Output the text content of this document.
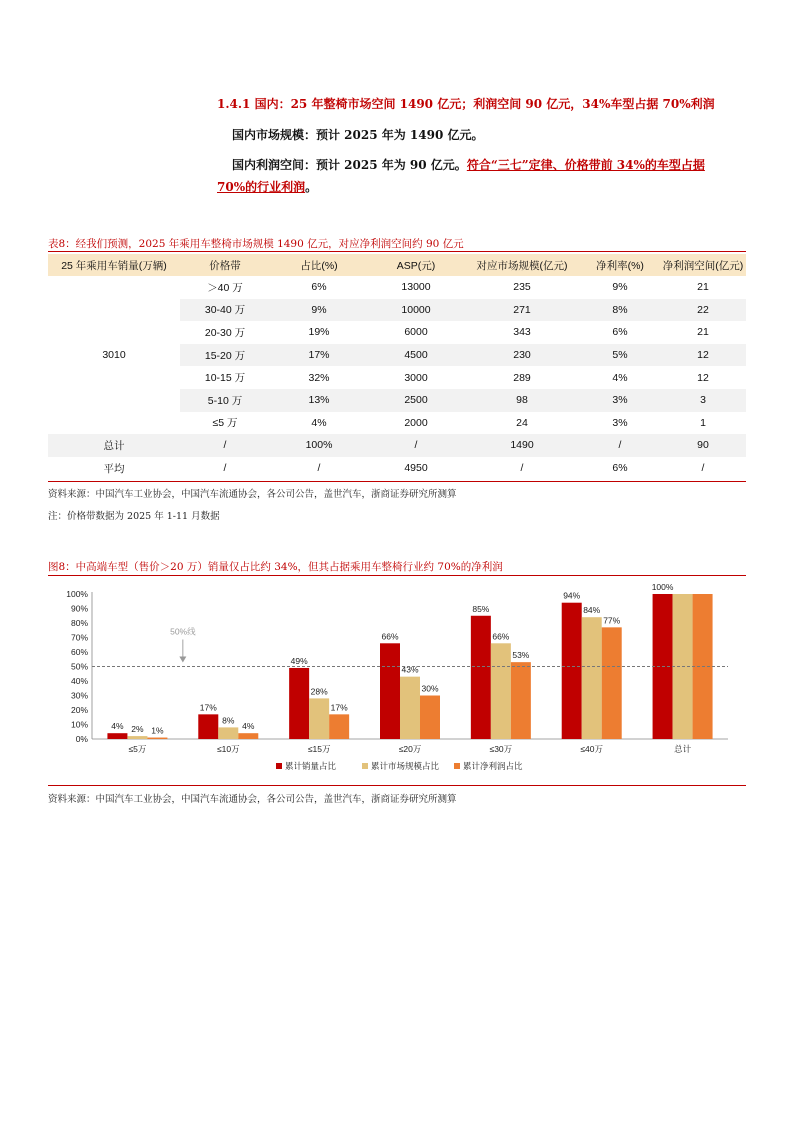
1.4.1 国内：25 年整椅市场空间 1490 亿元；利润空间 90 亿元，34%车型占据 70%利润
国内市场规模：预计 2025 年为 1490 亿元。
国内利润空间：预计 2025 年为 90 亿元。符合“三七”定律、价格带前 34%的车型占据
70%的行业利润。
表8：经我们预测，2025 年乘用车整椅市场规模 1490 亿元，对应净利润空间约 90 亿元
25 年乘用车销量(万辆)	价格带	占比(%)	ASP(元)	对应市场规模(亿元)	净利率(%)	净利润空间(亿元)
3010	＞40 万	6%	13000	235	9%	21
	30-40 万	9%	10000	271	8%	22
	20-30 万	19%	6000	343	6%	21
	15-20 万	17%	4500	230	5%	12
	10-15 万	32%	3000	289	4%	12
	5-10 万	13%	2500	98	3%	3
	≤5 万	4%	2000	24	3%	1
总计	/	100%	/	1490	/	90
平均	/	/	4950	/	6%	/
资料来源：中国汽车工业协会，中国汽车流通协会，各公司公告，盖世汽车，浙商证券研究所测算
注：价格带数据为 2025 年 1-11 月数据
图8：中高端车型（售价＞20 万）销量仅占比约 34%，但其占据乘用车整椅行业约 70%的净利润
0%
10%
20%
30%
40%
50%
60%
70%
80%
90%
100%
4% 2% 1%
≤5万
17%
8%
4%
≤10万
49%
28%
17%
≤15万
66%
43%
30%
≤20万
85%
66%
53%
≤30万
94%
84%
77%
≤40万
100%
总计
50%线
累计销量占比	累计市场规模占比	累计净利润占比
资料来源：中国汽车工业协会，中国汽车流通协会，各公司公告，盖世汽车，浙商证券研究所测算
